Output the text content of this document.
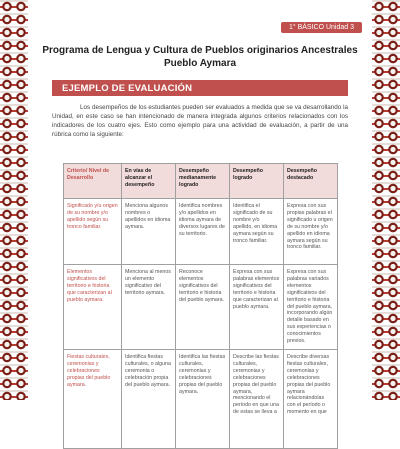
1° BÁSICO Unidad 3
Programa de Lengua y Cultura de Pueblos originarios Ancestrales
Pueblo Aymara
EJEMPLO DE EVALUACIÓN
Los desempeños de los estudiantes pueden ser evaluados a medida que se va desarrollando la Unidad, en este caso se han intencionado de manera integrada algunos criterios relacionados con los indicadores de los cuatro ejes. Esto como ejemplo para una actividad de evaluación, a partir de una rúbrica como la siguiente:
Criterio/ Nivel de Desarrollo	En vías de alcanzar el desempeño	Desempeño medianamente logrado	Desempeño logrado	Desempeño destacado
Significado y/u origen de su nombre y/o apellido según su tronco familiar.	Menciona algunos nombres o apellidos en idioma aymara.	Identifica nombres y/o apellidos en idioma aymara de diversos lugares de su territorio.	Identifica el significado de su nombre y/o apellido, en idioma aymara según su tronco familiar.	Expresa con sus propias palabras el significado u origen de su nombre y/o apellido en idioma aymara según su tronco familiar.
Elementos significativos del territorio e historia que caracterizan al pueblo aymara.	Menciona al menos un elemento significativo del territorio aymara.	Reconoce elementos significativos del territorio e historia del pueblo aymara.	Expresa con sus palabras elementos significativos del territorio e historia que caracterizan al pueblo aymara.	Expresa con sus palabras variados elementos significativos del territorio e historia del pueblo aymara, incorporando algún detalle basado en sus experiencias o conocimientos previos.
Fiestas culturales, ceremonias y celebraciones propias del pueblo aymara.	Identifica fiestas culturales, o alguna ceremonia o celebración propia del pueblo aymara.	Identifica las fiestas culturales, ceremonias y celebraciones propias del pueblo aymara.	Describe las fiestas culturales, ceremonias y celebraciones propias del pueblo aymara, mencionando el período en que una de estas se lleva a	Describe diversas fiestas culturales, ceremonias y celebraciones propias del pueblo aymara relacionándolas con el período o momento en que
